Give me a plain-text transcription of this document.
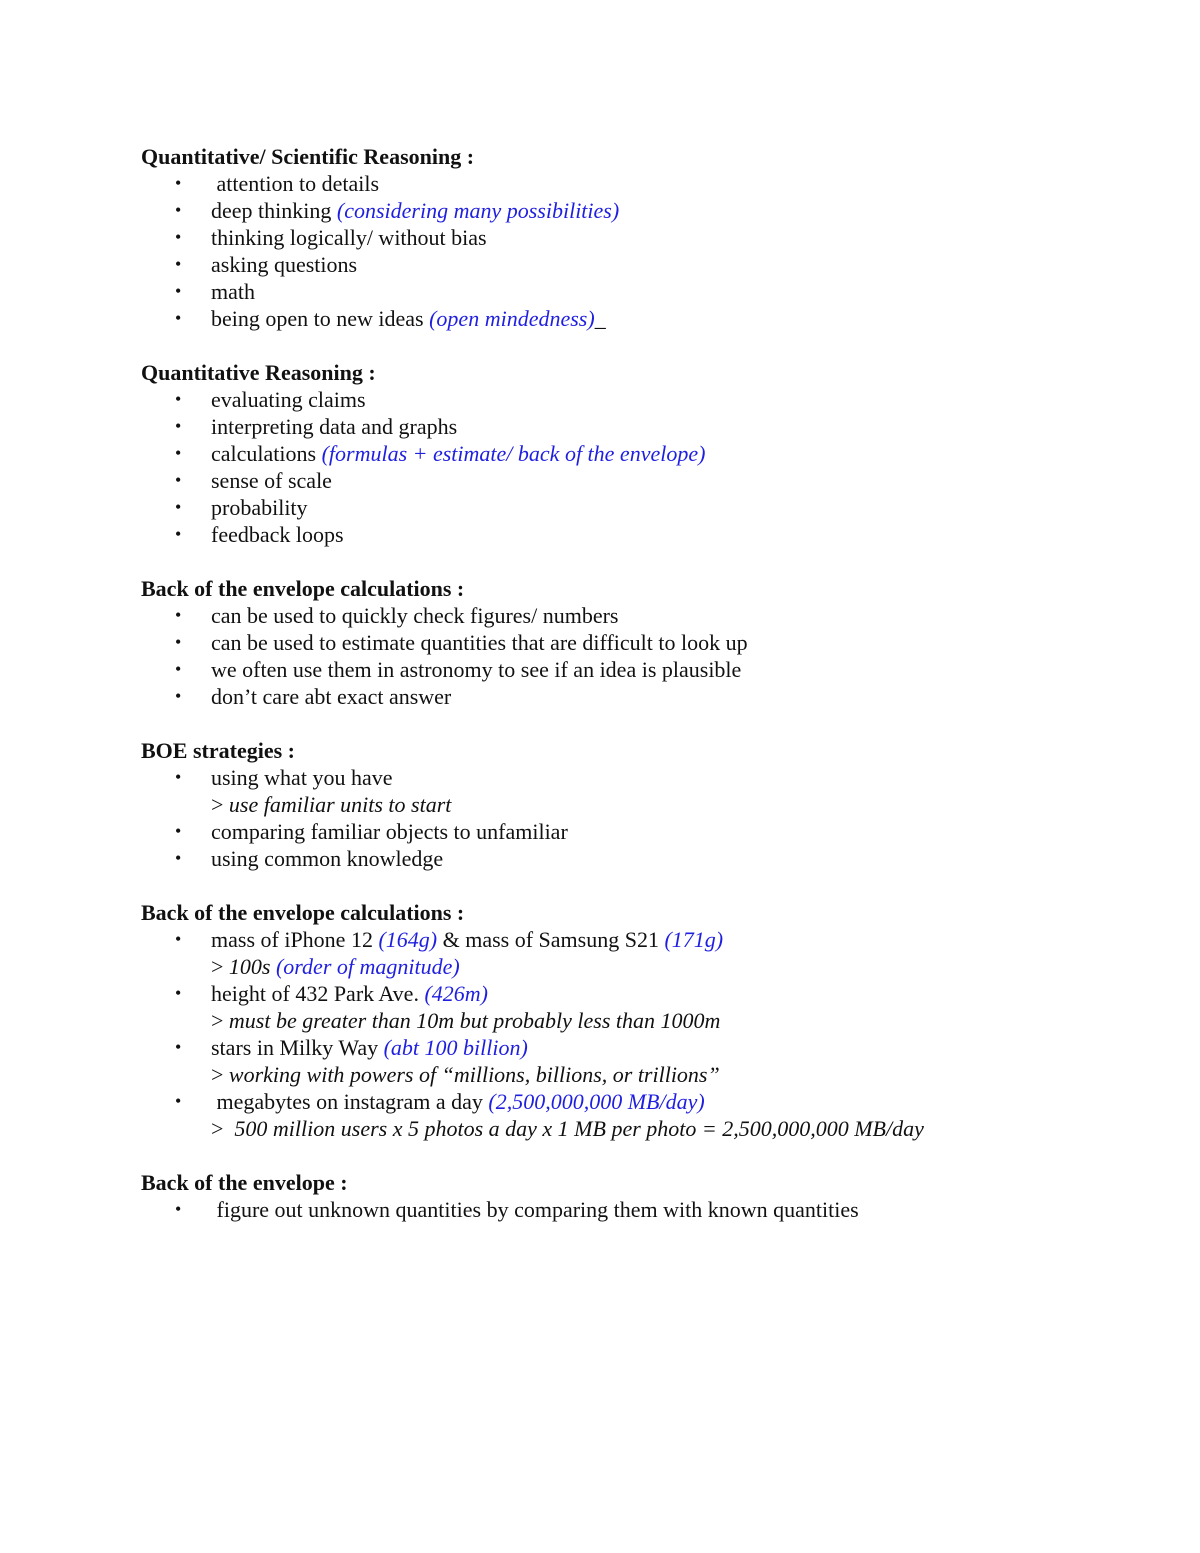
Quantitative/ Scientific Reasoning :
• attention to details
• deep thinking (considering many possibilities)
• thinking logically/ without bias
• asking questions
• math
• being open to new ideas (open mindedness)_
Quantitative Reasoning :
• evaluating claims
• interpreting data and graphs
• calculations (formulas + estimate/ back of the envelope)
• sense of scale
• probability
• feedback loops
Back of the envelope calculations :
• can be used to quickly check figures/ numbers
• can be used to estimate quantities that are difficult to look up
• we often use them in astronomy to see if an idea is plausible
• don’t care abt exact answer
BOE strategies :
• using what you have
> use familiar units to start
• comparing familiar objects to unfamiliar
• using common knowledge
Back of the envelope calculations :
• mass of iPhone 12 (164g) & mass of Samsung S21 (171g)
> 100s (order of magnitude)
• height of 432 Park Ave. (426m)
> must be greater than 10m but probably less than 1000m
• stars in Milky Way (abt 100 billion)
> working with powers of “millions, billions, or trillions”
• megabytes on instagram a day (2,500,000,000 MB/day)
>  500 million users x 5 photos a day x 1 MB per photo = 2,500,000,000 MB/day
Back of the envelope :
• figure out unknown quantities by comparing them with known quantities
